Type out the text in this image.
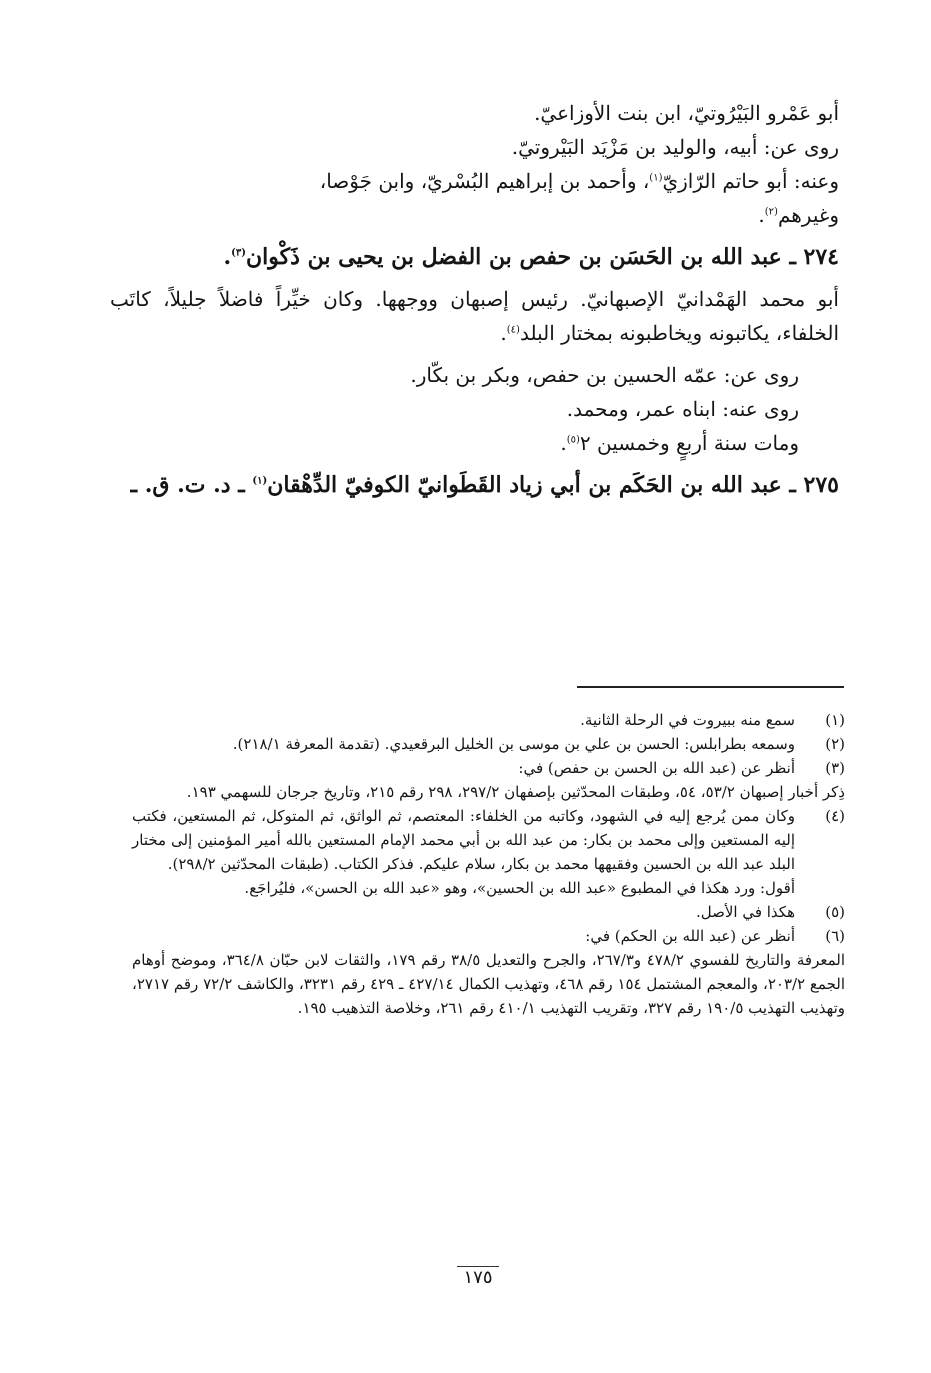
أبو عَمْرو البَيْرُوتيّ، ابن بنت الأوزاعيّ.
روى عن: أبيه، والوليد بن مَزْيَد البَيْروتيّ.
وعنه: أبو حاتم الرّازيّ$^{(١)}$، وأحمد بن إبراهيم البُسْريّ، وابن جَوْصا،
وغيرهم$^{(٢)}$.
٢٧٤ ـ عبد الله بن الحَسَن بن حفص بن الفضل بن يحيى بن ذَكْوان$^{(٣)}$.
أبو محمد الهَمْدانيّ الإصبهانيّ. رئيس إصبهان ووجهها. وكان خيِّراً فاضلاً جليلاً، كاتَب الخلفاء، يكاتبونه ويخاطبونه بمختار البلد$^{(٤)}$.
روى عن: عمّه الحسين بن حفص، وبكر بن بكّار.
روى عنه: ابناه عمر، ومحمد.
ومات سنة أربعٍ وخمسين ٢$^{(٥)}$.
٢٧٥ ـ عبد الله بن الحَكَم بن أبي زياد القَطَوانيّ الكوفيّ الدِّهْقان$^{(١)}$ ـ د. ت. ق. ـ
(١)
سمع منه ببيروت في الرحلة الثانية.
(٢)
وسمعه بطرابلس: الحسن بن علي بن موسى بن الخليل البرقعيدي. (تقدمة المعرفة ٢١٨/١).
(٣)
أنظر عن (عبد الله بن الحسن بن حفص) في:
ذِكر أخبار إصبهان ٥٣/٢، ٥٤، وطبقات المحدّثين بإصفهان ٢٩٧/٢، ٢٩٨ رقم ٢١٥، وتاريخ جرجان للسهمي ١٩٣.
(٤)
وكان ممن يُرجع إليه في الشهود، وكاتبه من الخلفاء: المعتصم، ثم الواثق، ثم المتوكل، ثم المستعين، فكتب إليه المستعين وإلى محمد بن بكار: من عبد الله بن أبي محمد الإمام المستعين بالله أمير المؤمنين إلى مختار البلد عبد الله بن الحسين وفقيهها محمد بن بكار، سلام عليكم. فذكر الكتاب. (طبقات المحدّثين ٢٩٨/٢).
أقول: ورد هكذا في المطبوع «عبد الله بن الحسين»، وهو «عبد الله بن الحسن»، فليُراجَع.
(٥)
هكذا في الأصل.
(٦)
أنظر عن (عبد الله بن الحكم) في:
المعرفة والتاريخ للفسوي ٤٧٨/٢ و٢٦٧/٣، والجرح والتعديل ٣٨/٥ رقم ١٧٩، والثقات لابن حبّان ٣٦٤/٨، وموضح أوهام الجمع ٢٠٣/٢، والمعجم المشتمل ١٥٤ رقم ٤٦٨، وتهذيب الكمال ٤٢٧/١٤ ـ ٤٢٩ رقم ٣٢٣١، والكاشف ٧٢/٢ رقم ٢٧١٧، وتهذيب التهذيب ١٩٠/٥ رقم ٣٢٧، وتقريب التهذيب ٤١٠/١ رقم ٢٦١، وخلاصة التذهيب ١٩٥.
١٧٥
